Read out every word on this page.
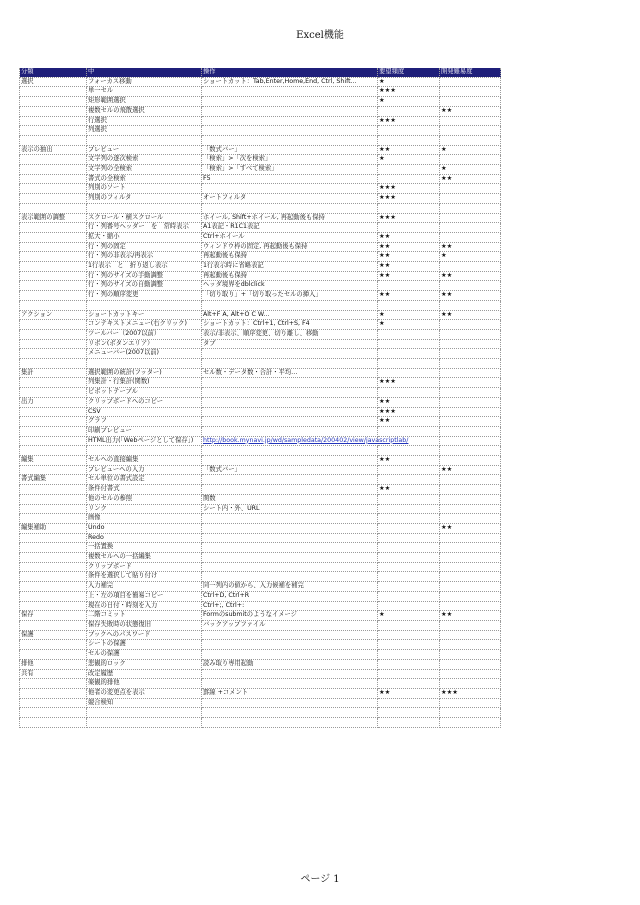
Excel機能
分類	中	操作	要望頻度	開発難易度
選択	フォーカス移動	ショートカット：Tab,Enter,Home,End, Ctrl, Shift...	★	
	単一セル		★★★	
	矩形範囲選択		★	
	複数セルの飛散選択			★★
	行選択		★★★	
	列選択			

表示の抽出	プレビュー	「数式バー」	★★	★
	文字列の逐次検索	「検索」>「次を検索」	★	
	文字列の全検索	「検索」>「すべて検索」		★
	書式の全検索	F5		★★
	列別のソート		★★★	
	列別のフィルタ	オートフィルタ	★★★	

表示範囲の調整	スクロール・横スクロール	ホイール, Shift+ホイール, 再起動後も保持	★★★	
	行・列番号ヘッダー　を　常時表示	A1表記・R1C1表記		
	拡大・縮小	Ctrl+ホイール	★★	
	行・列の固定	ウィンドウ枠の固定, 再起動後も保持	★★	★★
	行・列の非表示/再表示	再起動後も保持	★★	★
	1行表示　と　折り返し表示	1行表示時に省略表記	★★	
	行・列のサイズの手動調整	再起動後も保持	★★	★★
	行・列のサイズの自動調整	ヘッダ境界をdblclick		
	行・列の順序変更	「切り取り」+「切り取ったセルの挿入」	★★	★★

アクション	ショートカットキー	Alt+F A, Alt+O C W...	★	★★
	コンテキストメニュー(右クリック)	ショートカット：Ctrl+1, Ctrl+S, F4	★	
	ツールバー（2007以前）	表示/非表示、順序変更、切り離し、移動		
	リボン(ボタンエリア）	タブ		
	メニューバー(2007以前)			

集計	選択範囲の統計(フッター)	セル数・データ数・合計・平均…		
	列集計・行集計(関数)		★★★	
	ピボットテーブル			
出力	クリップボードへのコピー		★★	
	CSV		★★★	
	グラフ		★★	
	印刷プレビュー			
	HTML出力(「Webページとして保存」)	http://book.mynavi.jp/wd/sampledata/200402/view/javascriptlab/		

編集	セルへの直接編集		★★	
	プレビューへの入力	「数式バー」		★★
書式編集	セル単位の書式設定			
	条件付書式		★★	
	他のセルの参照	関数		
	リンク	シート内・外、URL		
	画像			
編集補助	Undo			★★
	Redo			
	一括置換			
	複数セルへの一括編集			
	クリップボード			
	条件を選択して貼り付け			
	入力補完	同一列内の値から、入力候補を補完		
	上・左の項目を簡易コピー	Ctrl+D, Ctrl+R		
	現在の日付・時刻を入力	Ctrl+;, Ctrl+:		
保存	二階コミット	Formのsubmitのようなイメージ	★	★★
	保存失敗時の状態復旧	バックアップファイル		
保護	ブックへのパスワード			
	シートの保護			
	セルの保護			
排他	悲観的ロック	読み取り専用起動		
共有	改定履歴			
	楽観的排他			
	他者の変更点を表示	罫線 +コメント	★★	★★★
	競合検知			

ページ 1
